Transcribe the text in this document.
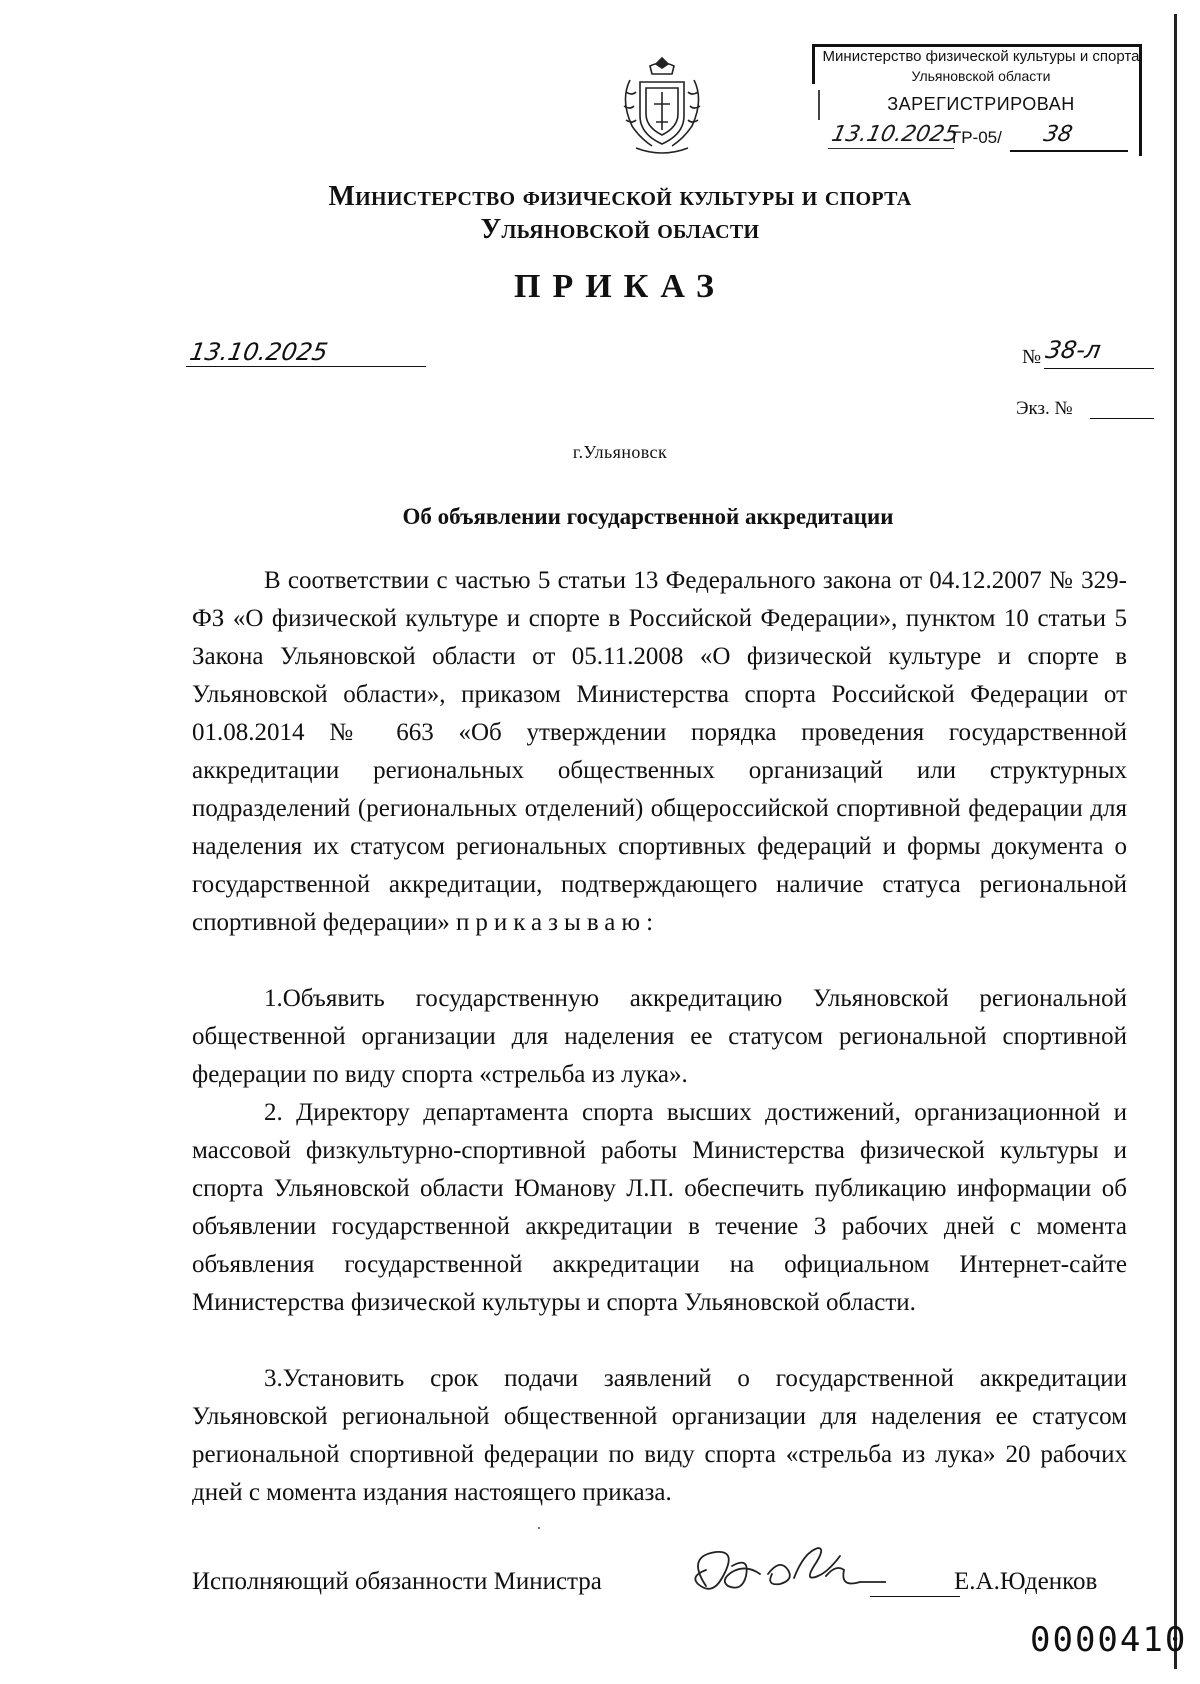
Министерство физической культуры и спорта
Ульяновской области
ЗАРЕГИСТРИРОВАН
13.10.2025
ГР-05/ 38
Министерство физической культуры и спорта
Ульяновской области
ПРИКАЗ
13.10.2025	№ 38-л
Экз. №
г.Ульяновск
Об объявлении государственной аккредитации
В соответствии с частью 5 статьи 13 Федерального закона от 04.12.2007 № 329-ФЗ «О физической культуре и спорте в Российской Федерации», пунктом 10 статьи 5 Закона Ульяновской области от 05.11.2008 «О физической культуре и спорте в Ульяновской области», приказом Министерства спорта Российской Федерации от 01.08.2014 № 663 «Об утверждении порядка проведения государственной аккредитации региональных общественных организаций или структурных подразделений (региональных отделений) общероссийской спортивной федерации для наделения их статусом региональных спортивных федераций и формы документа о государственной аккредитации, подтверждающего наличие статуса региональной спортивной федерации» приказываю:
1.Объявить государственную аккредитацию Ульяновской региональной общественной организации для наделения ее статусом региональной спортивной федерации по виду спорта «стрельба из лука».
2. Директору департамента спорта высших достижений, организационной и массовой физкультурно-спортивной работы Министерства физической культуры и спорта Ульяновской области Юманову Л.П. обеспечить публикацию информации об объявлении государственной аккредитации в течение 3 рабочих дней с момента объявления государственной аккредитации на официальном Интернет-сайте Министерства физической культуры и спорта Ульяновской области.
3.Установить срок подачи заявлений о государственной аккредитации Ульяновской региональной общественной организации для наделения ее статусом региональной спортивной федерации по виду спорта «стрельба из лука» 20 рабочих дней с момента издания настоящего приказа.
Исполняющий обязанности Министра	Е.А.Юденков
0000410
